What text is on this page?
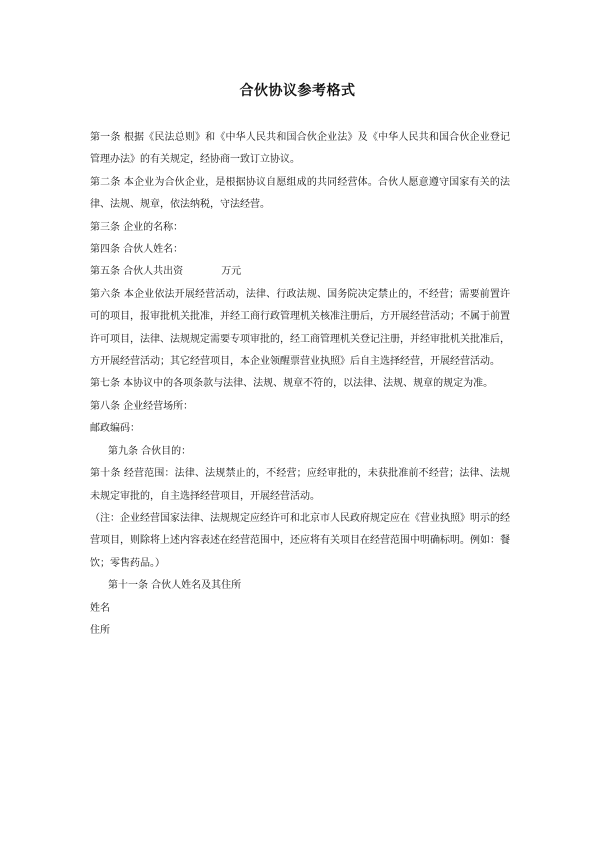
合伙协议参考格式

第一条 根据《民法总则》和《中华人民共和国合伙企业法》及《中华人民共和国合伙企业登记管理办法》的有关规定，经协商一致订立协议。

第二条 本企业为合伙企业，是根据协议自愿组成的共同经营体。合伙人愿意遵守国家有关的法律、法规、规章，依法纳税，守法经营。

第三条 企业的名称：

第四条 合伙人姓名：

第五条 合伙人共出资	万元

第六条 本企业依法开展经营活动，法律、行政法规、国务院决定禁止的，不经营；需要前置许可的项目，报审批机关批准，并经工商行政管理机关核准注册后，方开展经营活动；不属于前置许可项目，法律、法规规定需要专项审批的，经工商管理机关登记注册，并经审批机关批准后，方开展经营活动；其它经营项目，本企业领醒票营业执照》后自主选择经营，开展经营活动。

第七条 本协议中的各项条款与法律、法规、规章不符的，以法律、法规、规章的规定为准。

第八条 企业经营场所：

邮政编码：

第九条 合伙目的：

第十条 经营范围：法律、法规禁止的，不经营；应经审批的，未获批准前不经营；法律、法规未规定审批的，自主选择经营项目，开展经营活动。

（注：企业经营国家法律、法规规定应经许可和北京市人民政府规定应在《营业执照》明示的经营项目，则除将上述内容表述在经营范围中，还应将有关项目在经营范围中明确标明。例如：餐饮；零售药品。）

第十一条 合伙人姓名及其住所

姓名

住所
